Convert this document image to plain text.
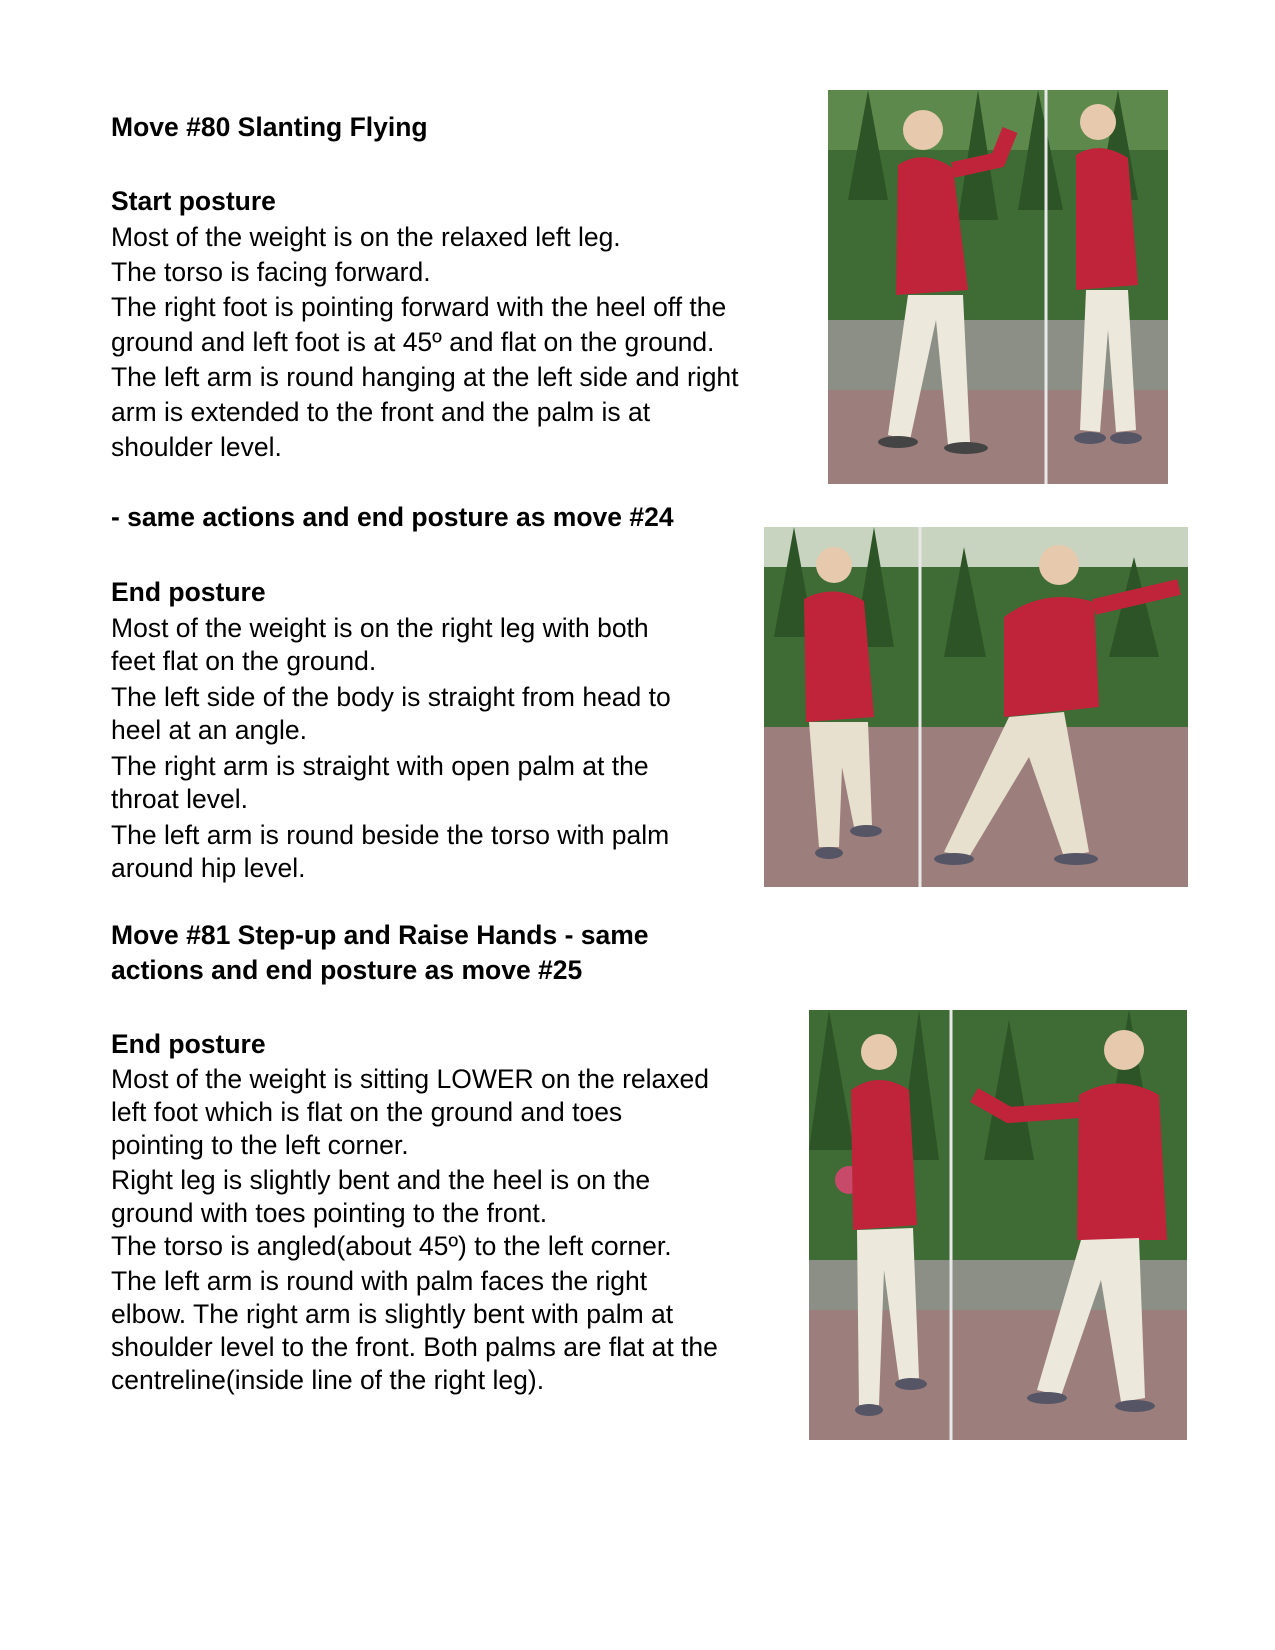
Move #80 Slanting Flying

Start posture

Most of the weight is on the relaxed left leg.

The torso is facing forward.

The right foot is pointing forward with the heel off the

ground and left foot is at 45º and flat on the ground.

The left arm is round hanging at the left side and right

arm is extended to the front and the palm is at

shoulder level.

- same actions and end posture as move #24

End posture

Most of the weight is on the right leg with both

feet flat on the ground.

The left side of the body is straight from head to

heel at an angle.

The right arm is straight with open palm at the

throat level.

The left arm is round beside the torso with palm

around hip level.

Move #81 Step-up and Raise Hands - same

actions and end posture as move #25

End posture

Most of the weight is sitting LOWER on the relaxed

left foot which is flat on the ground and toes

pointing to the left corner.

Right leg is slightly bent and the heel is on the

ground with toes pointing to the front.

The torso is angled(about 45º) to the left corner.

The left arm is round with palm faces the right

elbow. The right arm is slightly bent with palm at

shoulder level to the front. Both palms are flat at the

centreline(inside line of the right leg).
